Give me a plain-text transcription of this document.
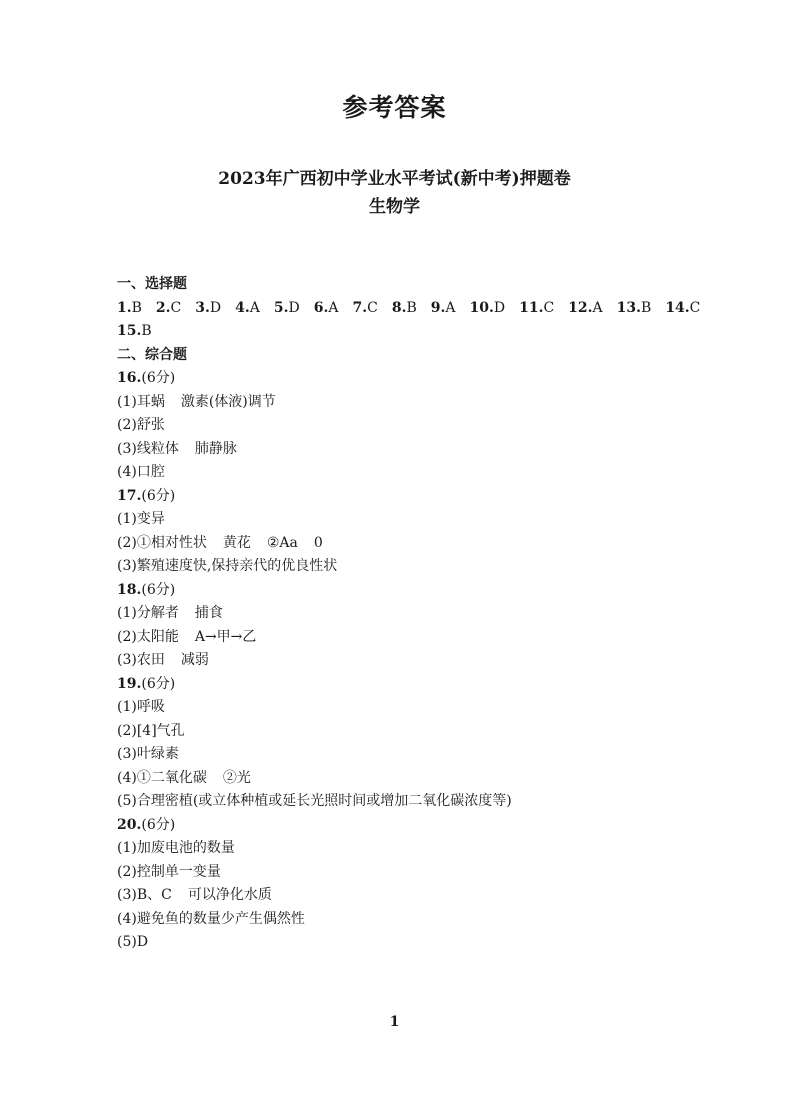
参考答案
2023年广西初中学业水平考试(新中考)押题卷
生物学
一、选择题
1.B 2.C 3.D 4.A 5.D 6.A 7.C 8.B 9.A 10.D 11.C 12.A 13.B 14.C
15.B
二、综合题
16.(6分)
(1)耳蜗 激素(体液)调节
(2)舒张
(3)线粒体 肺静脉
(4)口腔
17.(6分)
(1)变异
(2)①相对性状 黄花 ②Aa 0
(3)繁殖速度快,保持亲代的优良性状
18.(6分)
(1)分解者 捕食
(2)太阳能 A→甲→乙
(3)农田 减弱
19.(6分)
(1)呼吸
(2)[4]气孔
(3)叶绿素
(4)①二氧化碳 ②光
(5)合理密植(或立体种植或延长光照时间或增加二氧化碳浓度等)
20.(6分)
(1)加废电池的数量
(2)控制单一变量
(3)B、C 可以净化水质
(4)避免鱼的数量少产生偶然性
(5)D
1
